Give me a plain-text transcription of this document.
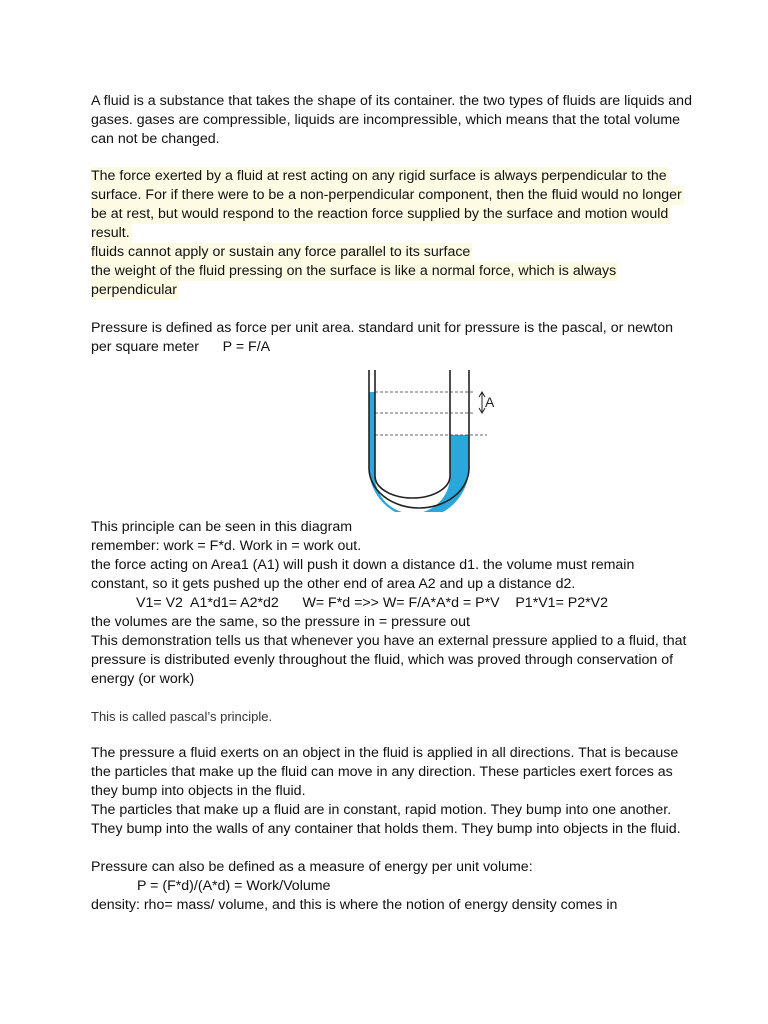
A fluid is a substance that takes the shape of its container. the two types of fluids are liquids and
gases. gases are compressible, liquids are incompressible, which means that the total volume
can not be changed.
The force exerted by a fluid at rest acting on any rigid surface is always perpendicular to the
surface. For if there were to be a non-perpendicular component, then the fluid would no longer
be at rest, but would respond to the reaction force supplied by the surface and motion would
result.
fluids cannot apply or sustain any force parallel to its surface
the weight of the fluid pressing on the surface is like a normal force, which is always
perpendicular
Pressure is defined as force per unit area. standard unit for pressure is the pascal, or newton
per square meter      P = F/A
A
This principle can be seen in this diagram
remember: work = F*d. Work in = work out.
the force acting on Area1 (A1) will push it down a distance d1. the volume must remain
constant, so it gets pushed up the other end of area A2 and up a distance d2.
V1= V2  A1*d1= A2*d2      W= F*d =>> W= F/A*A*d = P*V    P1*V1= P2*V2
the volumes are the same, so the pressure in = pressure out
This demonstration tells us that whenever you have an external pressure applied to a fluid, that
pressure is distributed evenly throughout the fluid, which was proved through conservation of
energy (or work)
This is called pascal’s principle.
The pressure a fluid exerts on an object in the fluid is applied in all directions. That is because
the particles that make up the fluid can move in any direction. These particles exert forces as
they bump into objects in the fluid.
The particles that make up a fluid are in constant, rapid motion. They bump into one another.
They bump into the walls of any container that holds them. They bump into objects in the fluid.
Pressure can also be defined as a measure of energy per unit volume:
P = (F*d)/(A*d) = Work/Volume
density: rho= mass/ volume, and this is where the notion of energy density comes in
